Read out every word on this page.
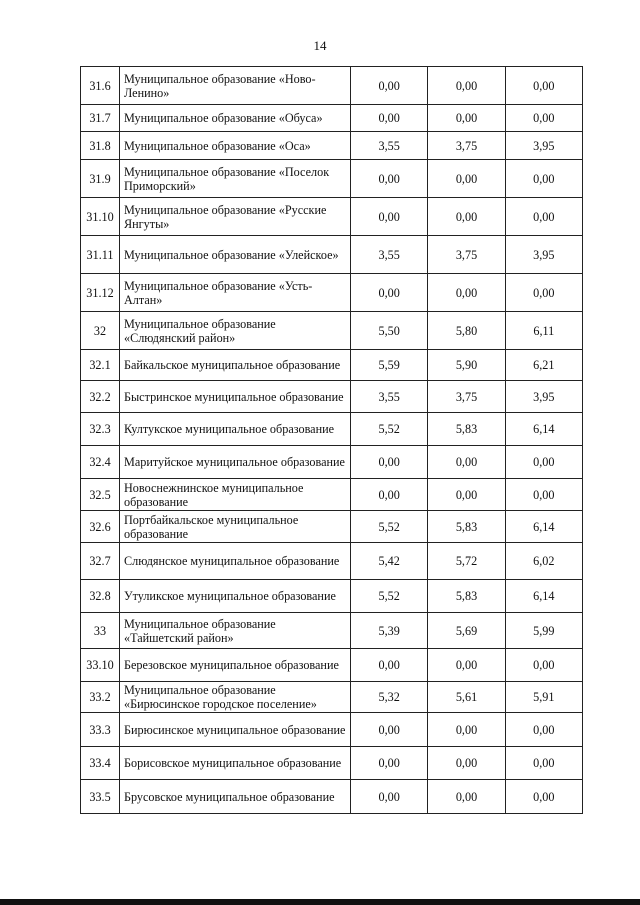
14
31.6	Муниципальное образование «Ново-Ленино»	0,00	0,00	0,00
31.7	Муниципальное образование «Обуса»	0,00	0,00	0,00
31.8	Муниципальное образование «Оса»	3,55	3,75	3,95
31.9	Муниципальное образование «Поселок Приморский»	0,00	0,00	0,00
31.10	Муниципальное образование «Русские Янгуты»	0,00	0,00	0,00
31.11	Муниципальное образование «Улейское»	3,55	3,75	3,95
31.12	Муниципальное образование «Усть-Алтан»	0,00	0,00	0,00
32	Муниципальное образование «Слюдянский район»	5,50	5,80	6,11
32.1	Байкальское муниципальное образование	5,59	5,90	6,21
32.2	Быстринское муниципальное образование	3,55	3,75	3,95
32.3	Култукское муниципальное образование	5,52	5,83	6,14
32.4	Маритуйское муниципальное образование	0,00	0,00	0,00
32.5	Новоснежнинское муниципальное образование	0,00	0,00	0,00
32.6	Портбайкальское муниципальное образование	5,52	5,83	6,14
32.7	Слюдянское муниципальное образование	5,42	5,72	6,02
32.8	Утуликское муниципальное образование	5,52	5,83	6,14
33	Муниципальное образование «Тайшетский район»	5,39	5,69	5,99
33.10	Березовское муниципальное образование	0,00	0,00	0,00
33.2	Муниципальное образование «Бирюсинское городское поселение»	5,32	5,61	5,91
33.3	Бирюсинское муниципальное образование	0,00	0,00	0,00
33.4	Борисовское муниципальное образование	0,00	0,00	0,00
33.5	Брусовское муниципальное образование	0,00	0,00	0,00
